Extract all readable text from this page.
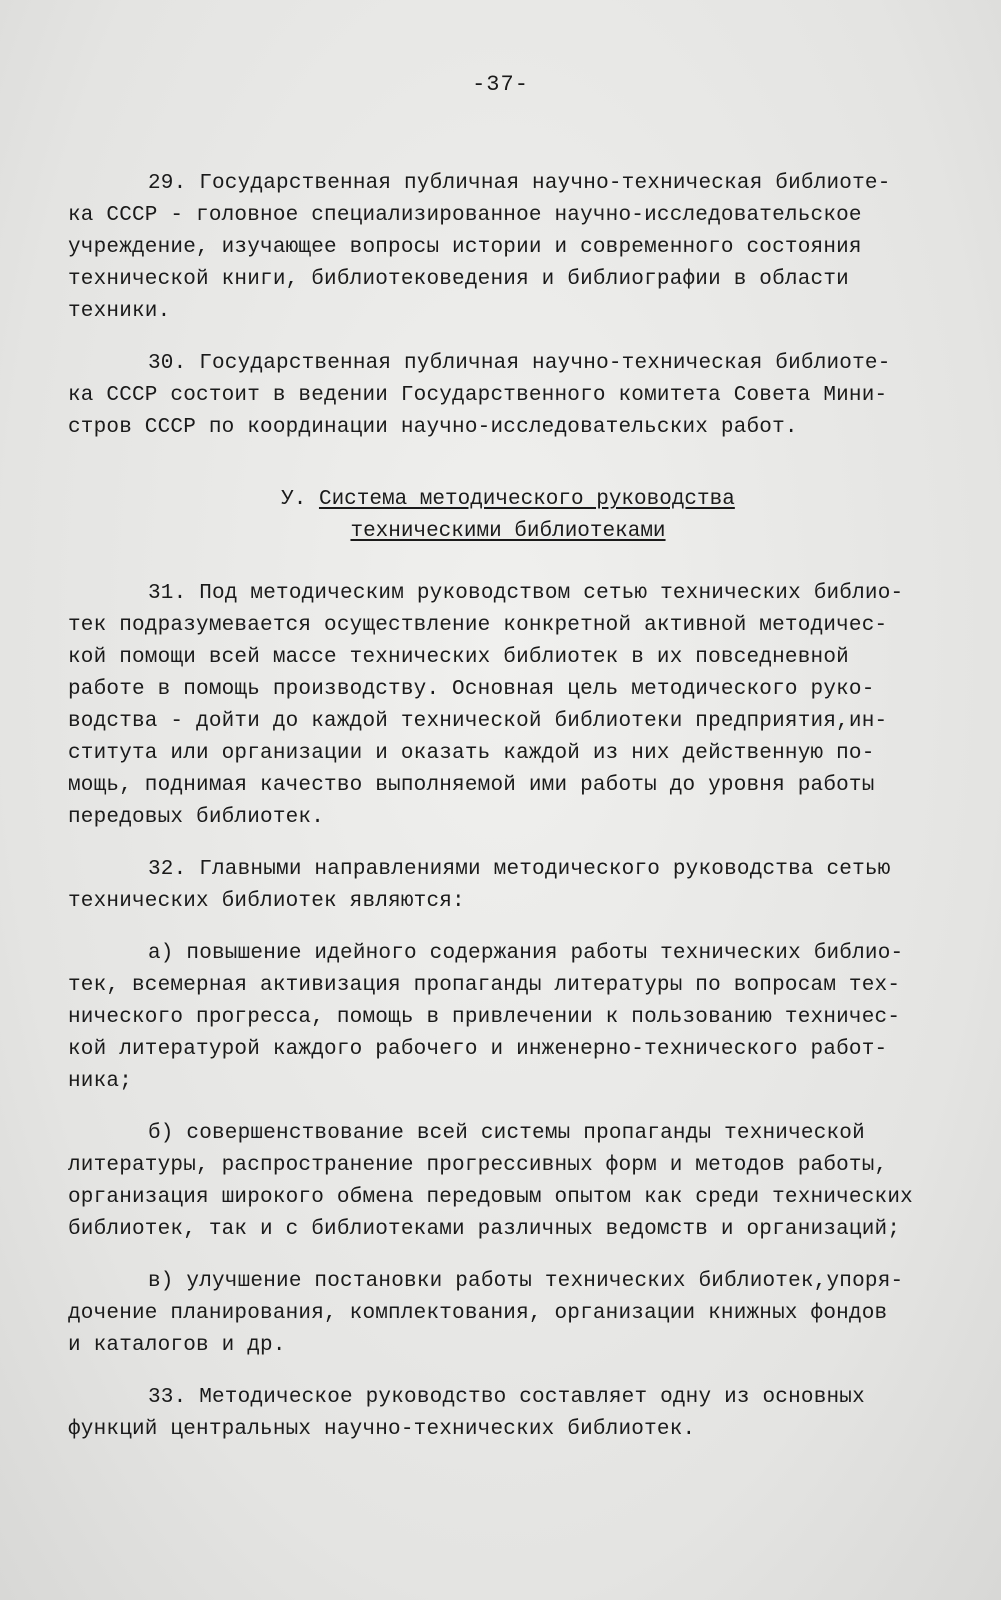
-37-
29. Государственная публичная научно-техническая библиоте-
ка СССР - головное специализированное научно-исследовательское
учреждение, изучающее вопросы истории и современного состояния
технической книги, библиотековедения и библиографии в области
техники.
30. Государственная публичная научно-техническая библиоте-
ка СССР состоит в ведении Государственного комитета Совета Мини-
стров СССР по координации научно-исследовательских работ.
У. Система методического руководства
техническими библиотеками
31. Под методическим руководством сетью технических библио-
тек подразумевается осуществление конкретной активной методичес-
кой помощи всей массе технических библиотек в их повседневной
работе в помощь производству. Основная цель методического руко-
водства - дойти до каждой технической библиотеки предприятия,ин-
ститута или организации и оказать каждой из них действенную по-
мощь, поднимая качество выполняемой ими работы до уровня работы
передовых библиотек.
32. Главными направлениями методического руководства сетью
технических библиотек являются:
а) повышение идейного содержания работы технических библио-
тек, всемерная активизация пропаганды литературы по вопросам тех-
нического прогресса, помощь в привлечении к пользованию техничес-
кой литературой каждого рабочего и инженерно-технического работ-
ника;
б) совершенствование всей системы пропаганды технической
литературы, распространение прогрессивных форм и методов работы,
организация широкого обмена передовым опытом как среди технических
библиотек, так и с библиотеками различных ведомств и организаций;
в) улучшение постановки работы технических библиотек,упоря-
дочение планирования, комплектования, организации книжных фондов
и каталогов и др.
33. Методическое руководство составляет одну из основных
функций центральных научно-технических библиотек.
